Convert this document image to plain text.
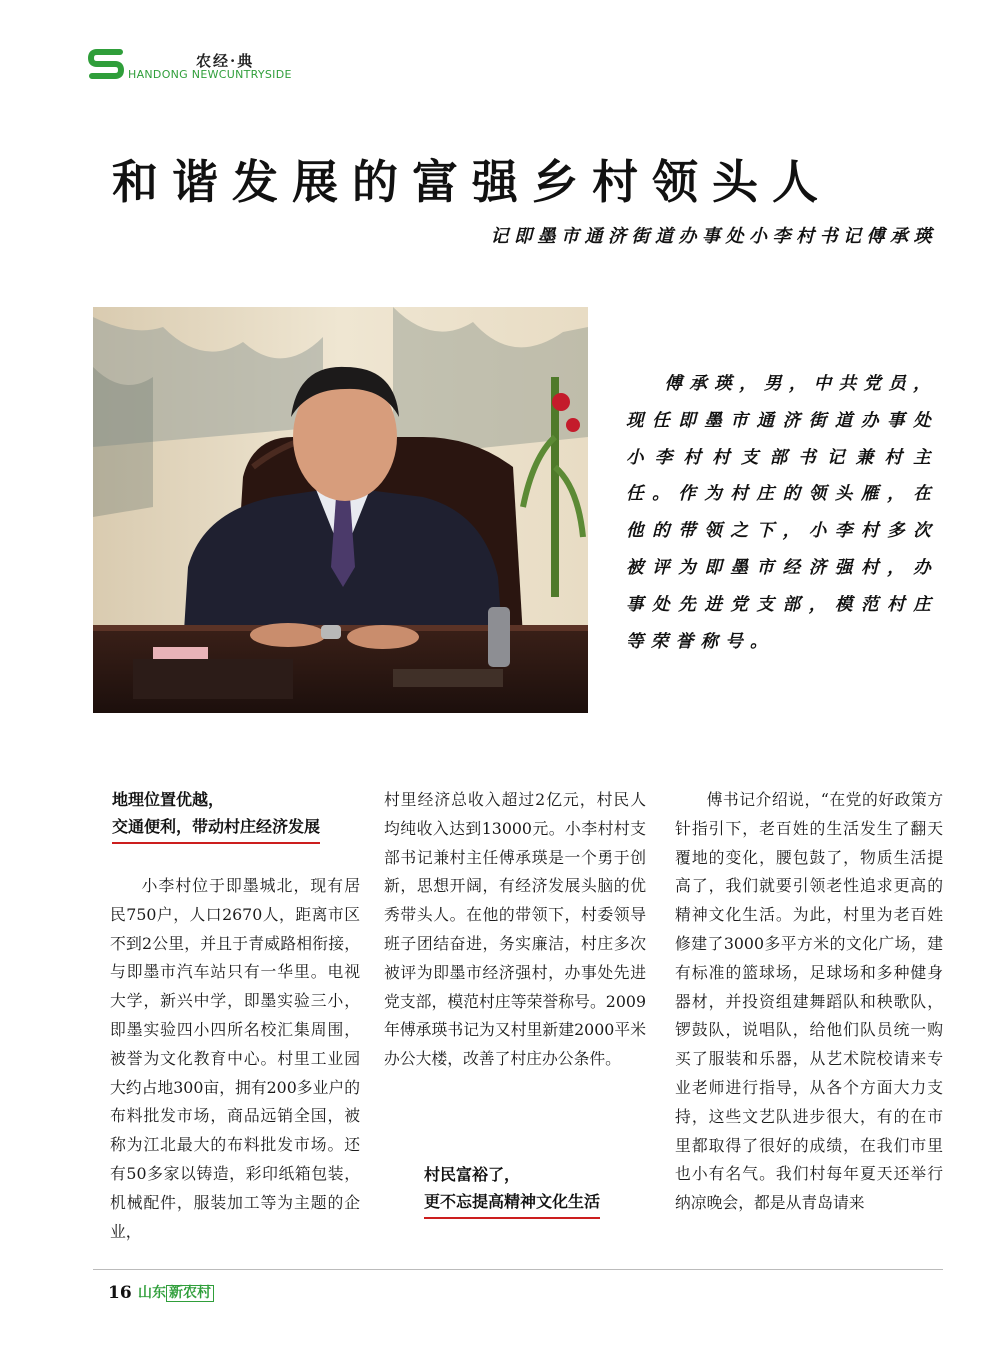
农经·典
HANDONG NEWCUNTRYSIDE
和谐发展的富强乡村领头人
记即墨市通济街道办事处小李村书记傅承瑛

傅承瑛，男，中共党员，现任即墨市通济街道办事处小李村村支部书记兼村主任。作为村庄的领头雁，在他的带领之下，小李村多次被评为即墨市经济强村，办事处先进党支部，模范村庄等荣誉称号。

地理位置优越，
交通便利，带动村庄经济发展

小李村位于即墨城北，现有居民750户，人口2670人，距离市区不到2公里，并且于青威路相衔接，与即墨市汽车站只有一华里。电视大学，新兴中学，即墨实验三小，即墨实验四小四所名校汇集周围，被誉为文化教育中心。村里工业园大约占地300亩，拥有200多业户的布料批发市场，商品远销全国，被称为江北最大的布料批发市场。还有50多家以铸造，彩印纸箱包装，机械配件，服装加工等为主题的企业，

村里经济总收入超过2亿元，村民人均纯收入达到13000元。小李村村支部书记兼村主任傅承瑛是一个勇于创新，思想开阔，有经济发展头脑的优秀带头人。在他的带领下，村委领导班子团结奋进，务实廉洁，村庄多次被评为即墨市经济强村，办事处先进党支部，模范村庄等荣誉称号。2009年傅承瑛书记为又村里新建2000平米办公大楼，改善了村庄办公条件。

村民富裕了，
更不忘提高精神文化生活

傅书记介绍说，“在党的好政策方针指引下，老百姓的生活发生了翻天覆地的变化，腰包鼓了，物质生活提高了，我们就要引领老性追求更高的精神文化生活。为此，村里为老百姓修建了3000多平方米的文化广场，建有标准的篮球场，足球场和多种健身器材，并投资组建舞蹈队和秧歌队，锣鼓队，说唱队，给他们队员统一购买了服装和乐器，从艺术院校请来专业老师进行指导，从各个方面大力支持，这些文艺队进步很大，有的在市里都取得了很好的成绩，在我们市里也小有名气。我们村每年夏天还举行纳凉晚会，都是从青岛请来

16 山东 新农村
